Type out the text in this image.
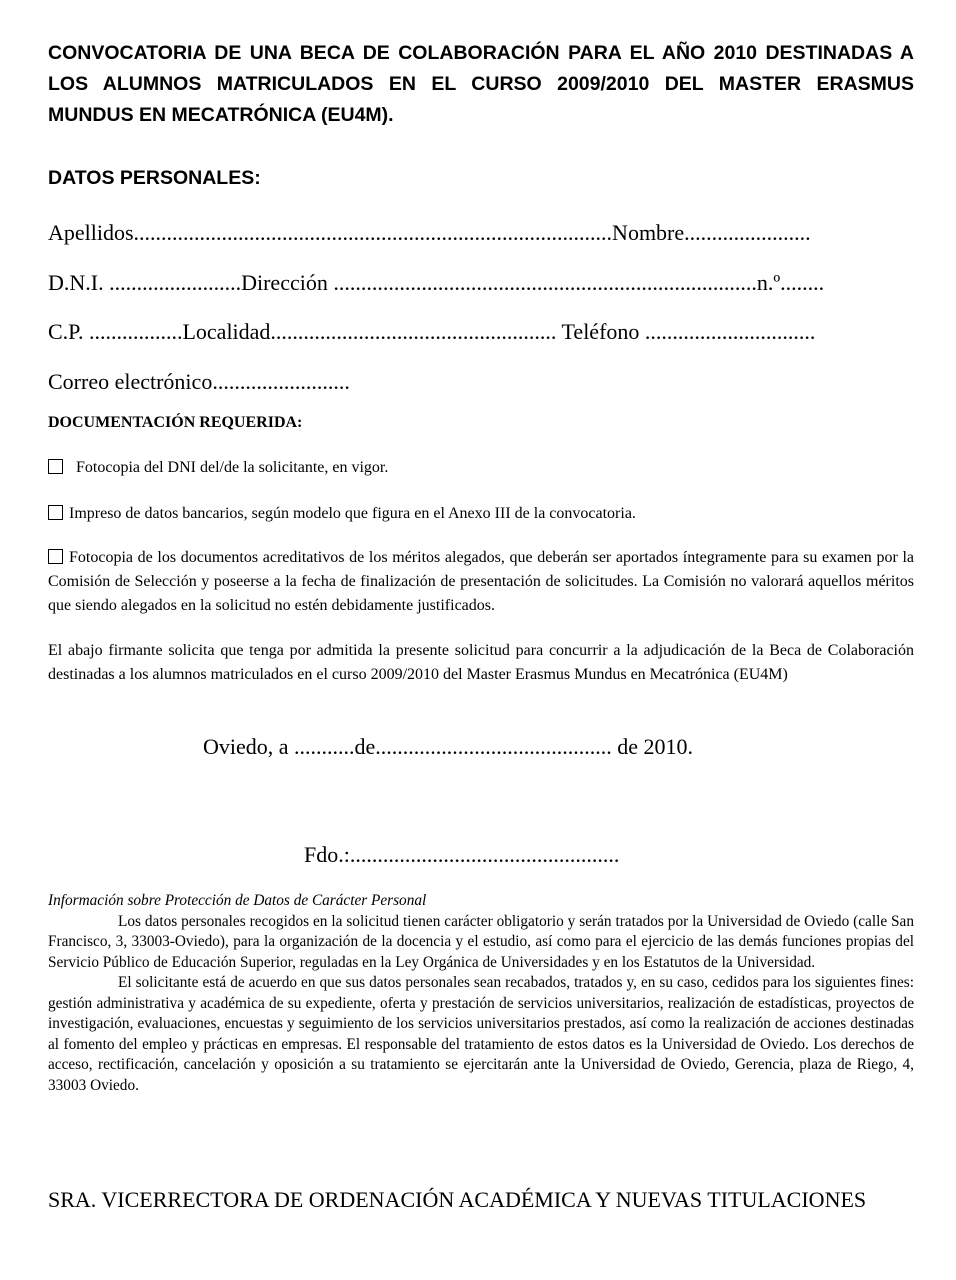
CONVOCATORIA DE UNA BECA DE COLABORACIÓN PARA EL AÑO 2010 DESTINADAS A LOS ALUMNOS MATRICULADOS EN EL CURSO 2009/2010 DEL MASTER ERASMUS MUNDUS EN MECATRÓNICA (EU4M).
DATOS PERSONALES:
Apellidos.......................................................................................Nombre.......................
D.N.I. ........................Dirección .............................................................................n.º........
C.P. .................Localidad.................................................... Teléfono ...............................
Correo electrónico.........................
DOCUMENTACIÓN REQUERIDA:
Fotocopia del DNI del/de la solicitante, en vigor.
Impreso de datos bancarios, según modelo que figura en el Anexo III de la convocatoria.
Fotocopia de los documentos acreditativos de los méritos alegados, que deberán ser aportados íntegramente para su examen por la Comisión de Selección y poseerse a la fecha de finalización de presentación de solicitudes. La Comisión no valorará aquellos méritos que siendo alegados en la solicitud no estén debidamente justificados.
El abajo firmante solicita que tenga por admitida la presente solicitud para concurrir a la adjudicación de la Beca de Colaboración destinadas a los alumnos matriculados en el curso 2009/2010 del Master Erasmus Mundus en Mecatrónica (EU4M)
Oviedo, a ...........de........................................... de 2010.
Fdo.:.................................................
Información sobre Protección de Datos de Carácter Personal

Los datos personales recogidos en la solicitud tienen carácter obligatorio y serán tratados por la Universidad de Oviedo (calle San Francisco, 3, 33003-Oviedo), para la organización de la docencia y el estudio, así como para el ejercicio de las demás funciones propias del Servicio Público de Educación Superior, reguladas en la Ley Orgánica de Universidades y en los Estatutos de la Universidad.

El solicitante está de acuerdo en que sus datos personales sean recabados, tratados y, en su caso, cedidos para los siguientes fines: gestión administrativa y académica de su expediente, oferta y prestación de servicios universitarios, realización de estadísticas, proyectos de investigación, evaluaciones, encuestas y seguimiento de los servicios universitarios prestados, así como la realización de acciones destinadas al fomento del empleo y prácticas en empresas. El responsable del tratamiento de estos datos es la Universidad de Oviedo. Los derechos de acceso, rectificación, cancelación y oposición a su tratamiento se ejercitarán ante la Universidad de Oviedo, Gerencia, plaza de Riego, 4, 33003 Oviedo.

SRA. VICERRECTORA DE ORDENACIÓN ACADÉMICA Y NUEVAS TITULACIONES
